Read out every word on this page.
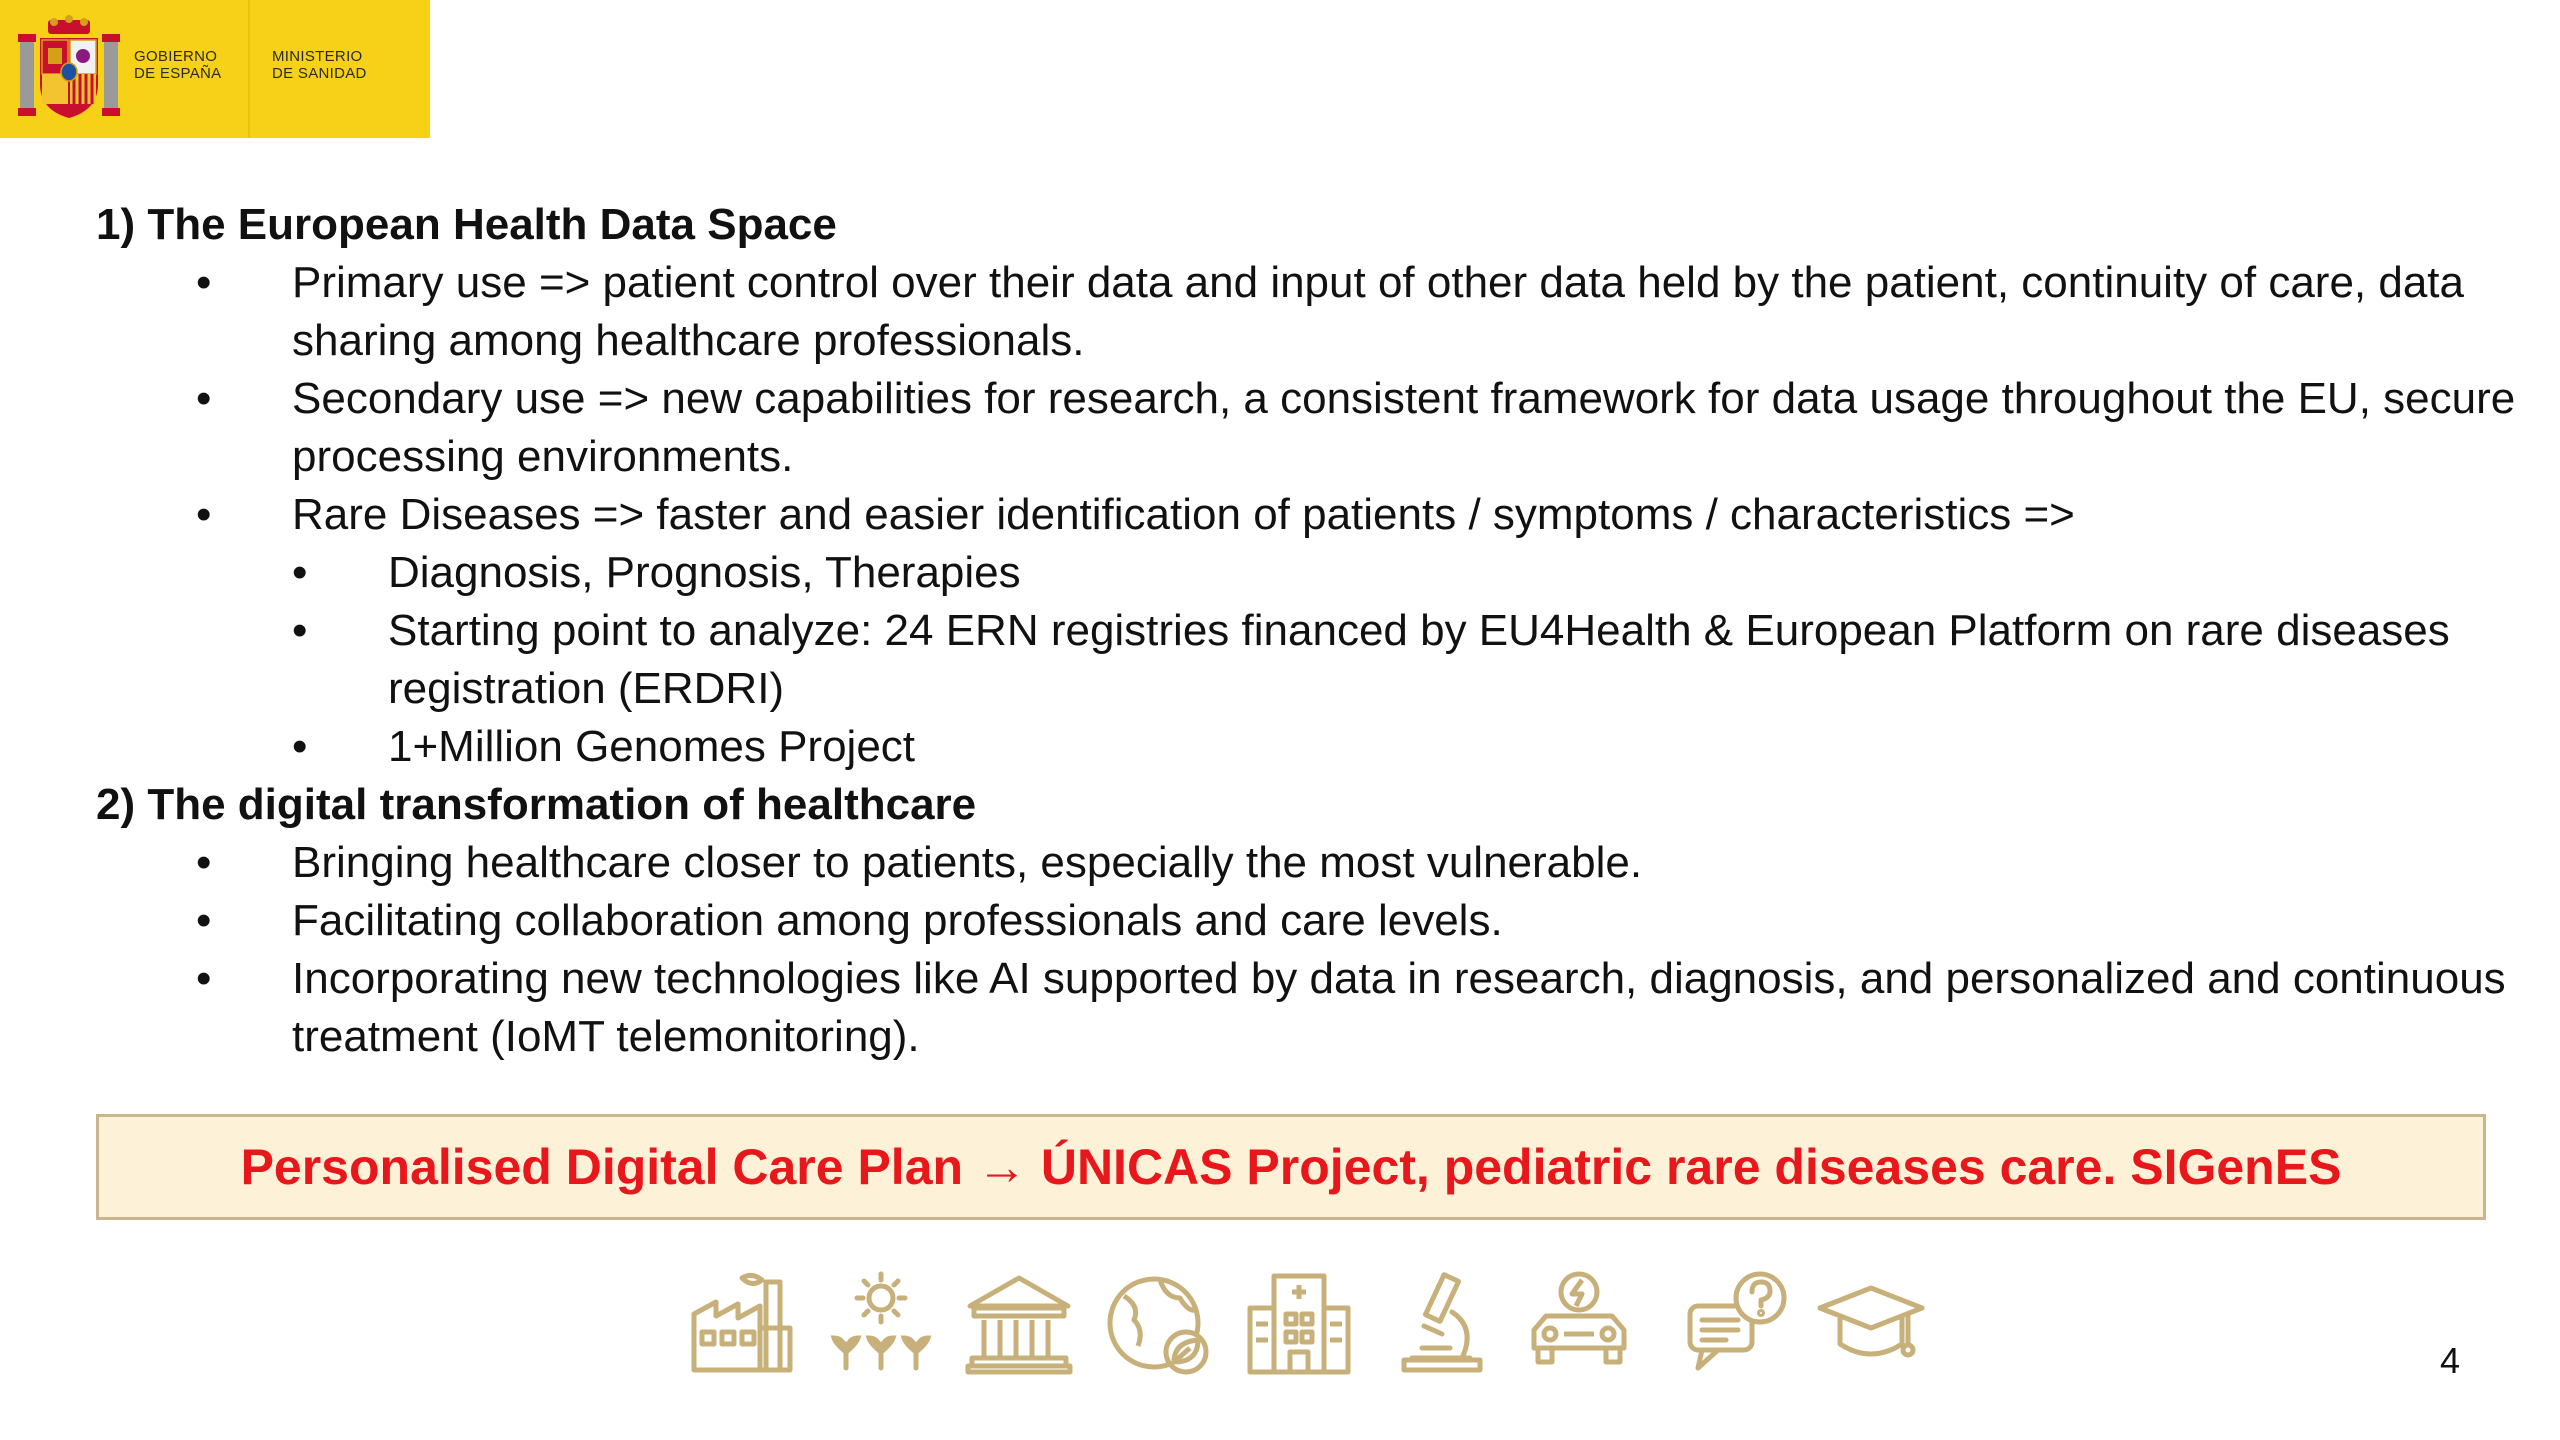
GOBIERNO
DE ESPAÑA
MINISTERIO
DE SANIDAD

1) The European Health Data Space

• Primary use => patient control over their data and input of other data held by the patient, continuity of care, data sharing among healthcare professionals.
• Secondary use => new capabilities for research, a consistent framework for data usage throughout the EU, secure processing environments.
• Rare Diseases => faster and easier identification of patients / symptoms / characteristics =>
• Diagnosis, Prognosis, Therapies
• Starting point to analyze: 24 ERN registries financed by EU4Health & European Platform on rare diseases registration (ERDRI)
• 1+Million Genomes Project

2) The digital transformation of healthcare

• Bringing healthcare closer to patients, especially the most vulnerable.
• Facilitating collaboration among professionals and care levels.
• Incorporating new technologies like AI supported by data in research, diagnosis, and personalized and continuous treatment (IoMT telemonitoring).
Personalised Digital Care Plan → ÚNICAS Project, pediatric rare diseases care. SIGenES
4
